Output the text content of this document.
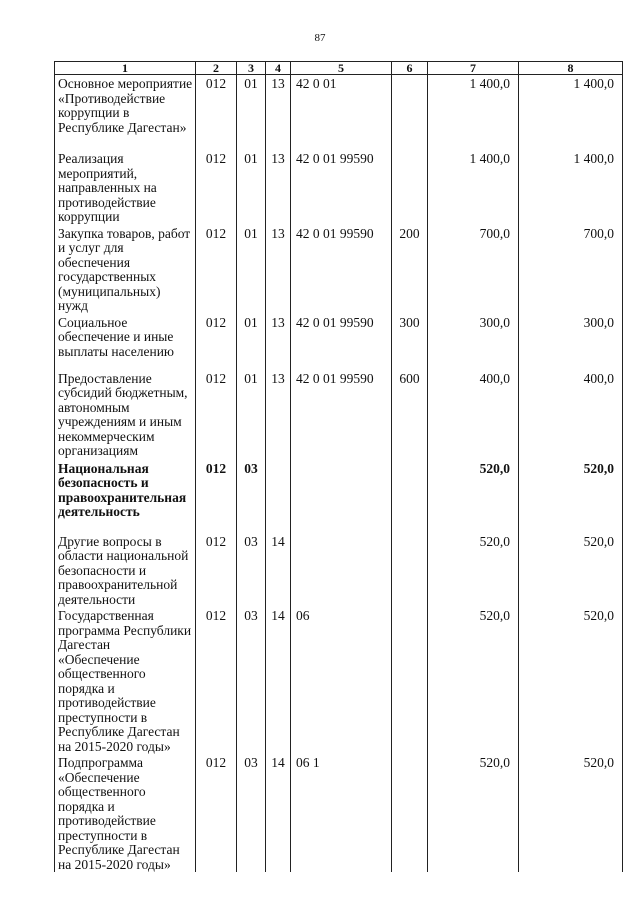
87
1	2	3	4	5	6	7	8
Основное мероприятие «Противодействие коррупции в Республике Дагестан»	012	01	13	42 0 01		1 400,0	1 400,0
Реализация мероприятий, направленных на противодействие коррупции	012	01	13	42 0 01 99590		1 400,0	1 400,0
Закупка товаров, работ и услуг для обеспечения государственных (муниципальных) нужд	012	01	13	42 0 01 99590	200	700,0	700,0
Социальное обеспечение и иные выплаты населению	012	01	13	42 0 01 99590	300	300,0	300,0
Предоставление субсидий бюджетным, автономным учреждениям и иным некоммерческим организациям	012	01	13	42 0 01 99590	600	400,0	400,0
Национальная безопасность и правоохранительная деятельность	012	03				520,0	520,0
Другие вопросы в области национальной безопасности и правоохранительной деятельности	012	03	14			520,0	520,0
Государственная программа Республики Дагестан «Обеспечение общественного порядка и противодействие преступности в Республике Дагестан на 2015-2020 годы»	012	03	14	06		520,0	520,0
Подпрограмма «Обеспечение общественного порядка и противодействие преступности в Республике Дагестан на 2015-2020 годы»	012	03	14	06 1		520,0	520,0
